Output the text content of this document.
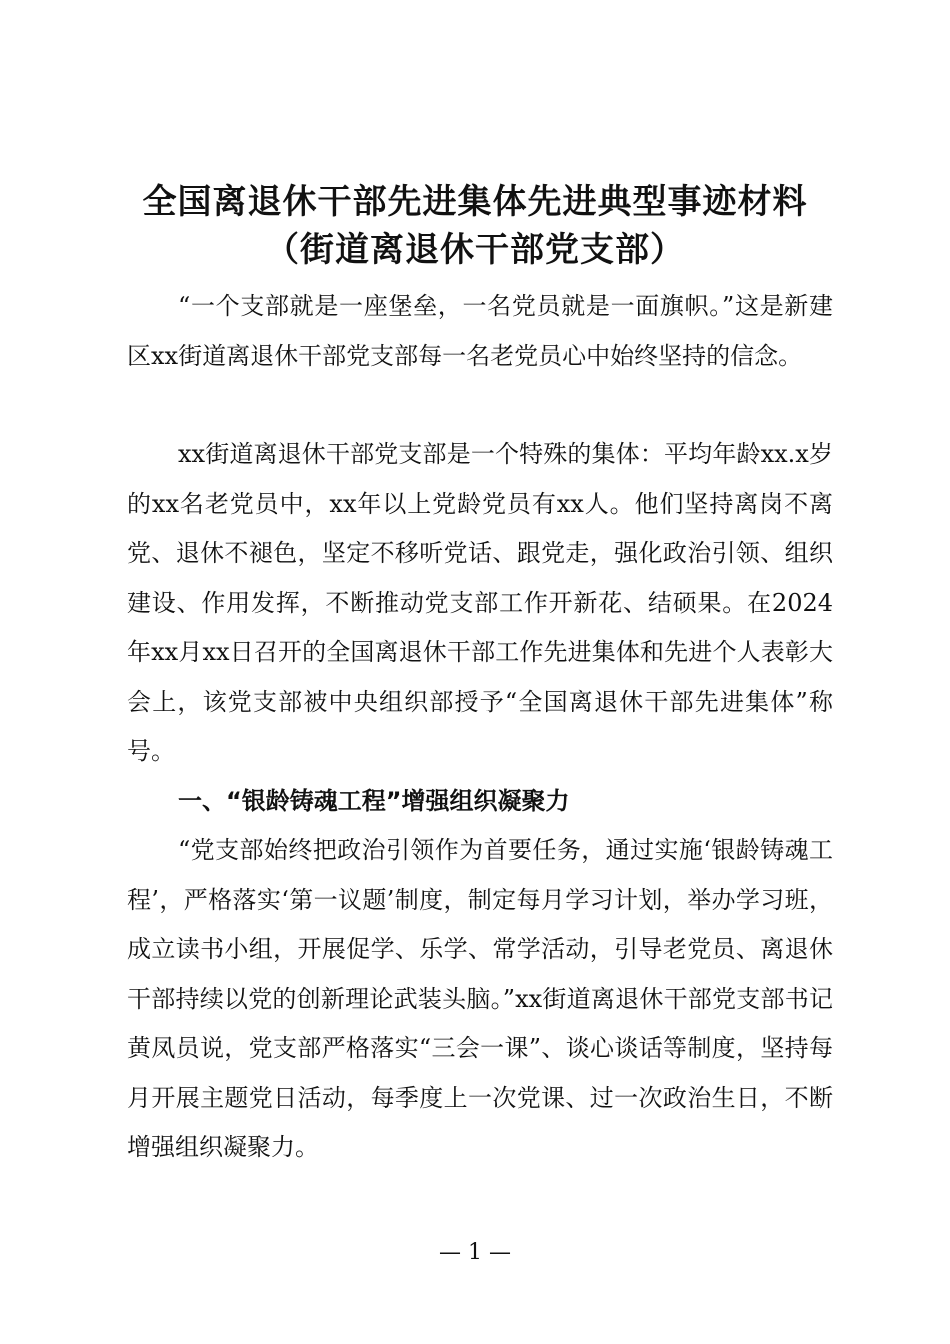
全国离退休干部先进集体先进典型事迹材料
（街道离退休干部党支部）

“一个支部就是一座堡垒，一名党员就是一面旗帜。”这是新建区xx街道离退休干部党支部每一名老党员心中始终坚持的信念。

xx街道离退休干部党支部是一个特殊的集体：平均年龄xx.x岁的xx名老党员中，xx年以上党龄党员有xx人。他们坚持离岗不离党、退休不褪色，坚定不移听党话、跟党走，强化政治引领、组织建设、作用发挥，不断推动党支部工作开新花、结硕果。在2024年xx月xx日召开的全国离退休干部工作先进集体和先进个人表彰大会上，该党支部被中央组织部授予“全国离退休干部先进集体”称号。

一、“银龄铸魂工程”增强组织凝聚力

“党支部始终把政治引领作为首要任务，通过实施‘银龄铸魂工程’，严格落实‘第一议题’制度，制定每月学习计划，举办学习班，成立读书小组，开展促学、乐学、常学活动，引导老党员、离退休干部持续以党的创新理论武装头脑。”xx街道离退休干部党支部书记黄凤员说，党支部严格落实“三会一课”、谈心谈话等制度，坚持每月开展主题党日活动，每季度上一次党课、过一次政治生日，不断增强组织凝聚力。

— 1 —
